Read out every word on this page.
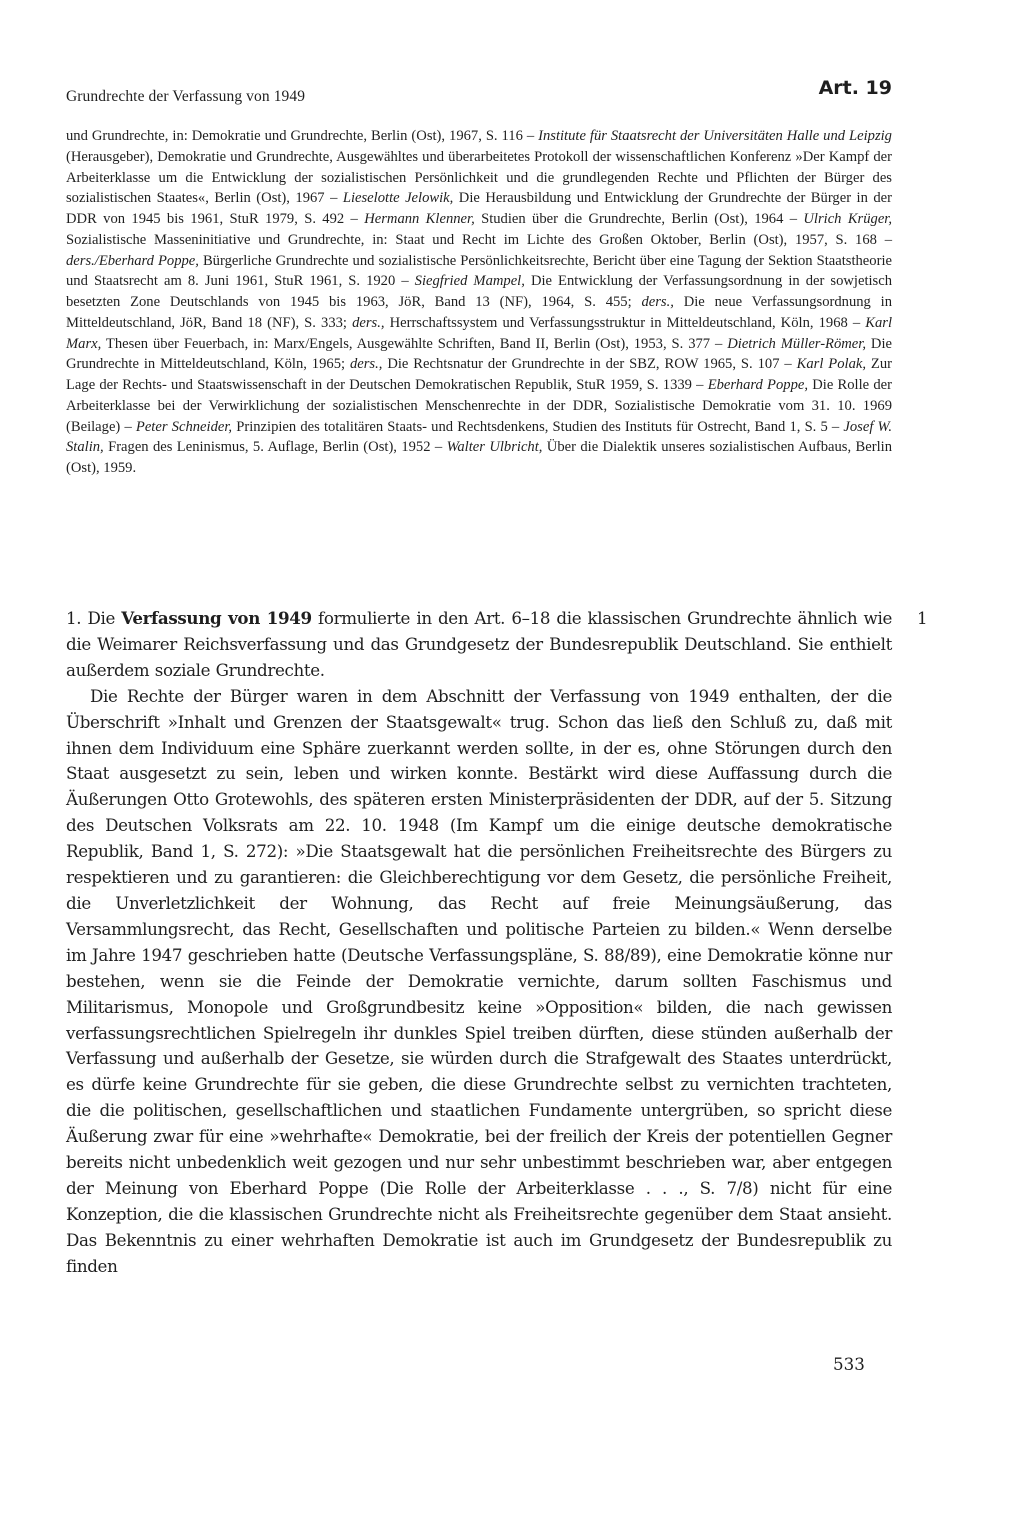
Grundrechte der Verfassung von 1949	Art. 19

und Grundrechte, in: Demokratie und Grundrechte, Berlin (Ost), 1967, S. 116 – Institute für Staatsrecht der Universitäten Halle und Leipzig (Herausgeber), Demokratie und Grundrechte, Ausgewähltes und überarbeitetes Protokoll der wissenschaftlichen Konferenz »Der Kampf der Arbeiterklasse um die Entwicklung der sozialistischen Persönlichkeit und die grundlegenden Rechte und Pflichten der Bürger des sozialistischen Staates«, Berlin (Ost), 1967 – Lieselotte Jelowik, Die Herausbildung und Entwicklung der Grundrechte der Bürger in der DDR von 1945 bis 1961, StuR 1979, S. 492 – Hermann Klenner, Studien über die Grundrechte, Berlin (Ost), 1964 – Ulrich Krüger, Sozialistische Masseninitiative und Grundrechte, in: Staat und Recht im Lichte des Großen Oktober, Berlin (Ost), 1957, S. 168 – ders./Eberhard Poppe, Bürgerliche Grundrechte und sozialistische Persönlichkeitsrechte, Bericht über eine Tagung der Sektion Staatstheorie und Staatsrecht am 8. Juni 1961, StuR 1961, S. 1920 – Siegfried Mampel, Die Entwicklung der Verfassungsordnung in der sowjetisch besetzten Zone Deutschlands von 1945 bis 1963, JöR, Band 13 (NF), 1964, S. 455; ders., Die neue Verfassungsordnung in Mitteldeutschland, JöR, Band 18 (NF), S. 333; ders., Herrschaftssystem und Verfassungsstruktur in Mitteldeutschland, Köln, 1968 – Karl Marx, Thesen über Feuerbach, in: Marx/Engels, Ausgewählte Schriften, Band II, Berlin (Ost), 1953, S. 377 – Dietrich Müller-Römer, Die Grundrechte in Mitteldeutschland, Köln, 1965; ders., Die Rechtsnatur der Grundrechte in der SBZ, ROW 1965, S. 107 – Karl Polak, Zur Lage der Rechts- und Staatswissenschaft in der Deutschen Demokratischen Republik, StuR 1959, S. 1339 – Eberhard Poppe, Die Rolle der Arbeiterklasse bei der Verwirklichung der sozialistischen Menschenrechte in der DDR, Sozialistische Demokratie vom 31. 10. 1969 (Beilage) – Peter Schneider, Prinzipien des totalitären Staats- und Rechtsdenkens, Studien des Instituts für Ostrecht, Band 1, S. 5 – Josef W. Stalin, Fragen des Leninismus, 5. Auflage, Berlin (Ost), 1952 – Walter Ulbricht, Über die Dialektik unseres sozialistischen Aufbaus, Berlin (Ost), 1959.

1

1. Die Verfassung von 1949 formulierte in den Art. 6–18 die klassischen Grundrechte ähnlich wie die Weimarer Reichsverfassung und das Grundgesetz der Bundesrepublik Deutschland. Sie enthielt außerdem soziale Grundrechte.

Die Rechte der Bürger waren in dem Abschnitt der Verfassung von 1949 enthalten, der die Überschrift »Inhalt und Grenzen der Staatsgewalt« trug. Schon das ließ den Schluß zu, daß mit ihnen dem Individuum eine Sphäre zuerkannt werden sollte, in der es, ohne Störungen durch den Staat ausgesetzt zu sein, leben und wirken konnte. Bestärkt wird diese Auffassung durch die Äußerungen Otto Grotewohls, des späteren ersten Ministerpräsidenten der DDR, auf der 5. Sitzung des Deutschen Volksrats am 22. 10. 1948 (Im Kampf um die einige deutsche demokratische Republik, Band 1, S. 272): »Die Staatsgewalt hat die persönlichen Freiheitsrechte des Bürgers zu respektieren und zu garantieren: die Gleichberechtigung vor dem Gesetz, die persönliche Freiheit, die Unverletzlichkeit der Wohnung, das Recht auf freie Meinungsäußerung, das Versammlungsrecht, das Recht, Gesellschaften und politische Parteien zu bilden.« Wenn derselbe im Jahre 1947 geschrieben hatte (Deutsche Verfassungspläne, S. 88/89), eine Demokratie könne nur bestehen, wenn sie die Feinde der Demokratie vernichte, darum sollten Faschismus und Militarismus, Monopole und Großgrundbesitz keine »Opposition« bilden, die nach gewissen verfassungsrechtlichen Spielregeln ihr dunkles Spiel treiben dürften, diese stünden außerhalb der Verfassung und außerhalb der Gesetze, sie würden durch die Strafgewalt des Staates unterdrückt, es dürfe keine Grundrechte für sie geben, die diese Grundrechte selbst zu vernichten trachteten, die die politischen, gesellschaftlichen und staatlichen Fundamente untergrüben, so spricht diese Äußerung zwar für eine »wehrhafte« Demokratie, bei der freilich der Kreis der potentiellen Gegner bereits nicht unbedenklich weit gezogen und nur sehr unbestimmt beschrieben war, aber entgegen der Meinung von Eberhard Poppe (Die Rolle der Arbeiterklasse . . ., S. 7/8) nicht für eine Konzeption, die die klassischen Grundrechte nicht als Freiheitsrechte gegenüber dem Staat ansieht. Das Bekenntnis zu einer wehrhaften Demokratie ist auch im Grundgesetz der Bundesrepublik zu finden

533
